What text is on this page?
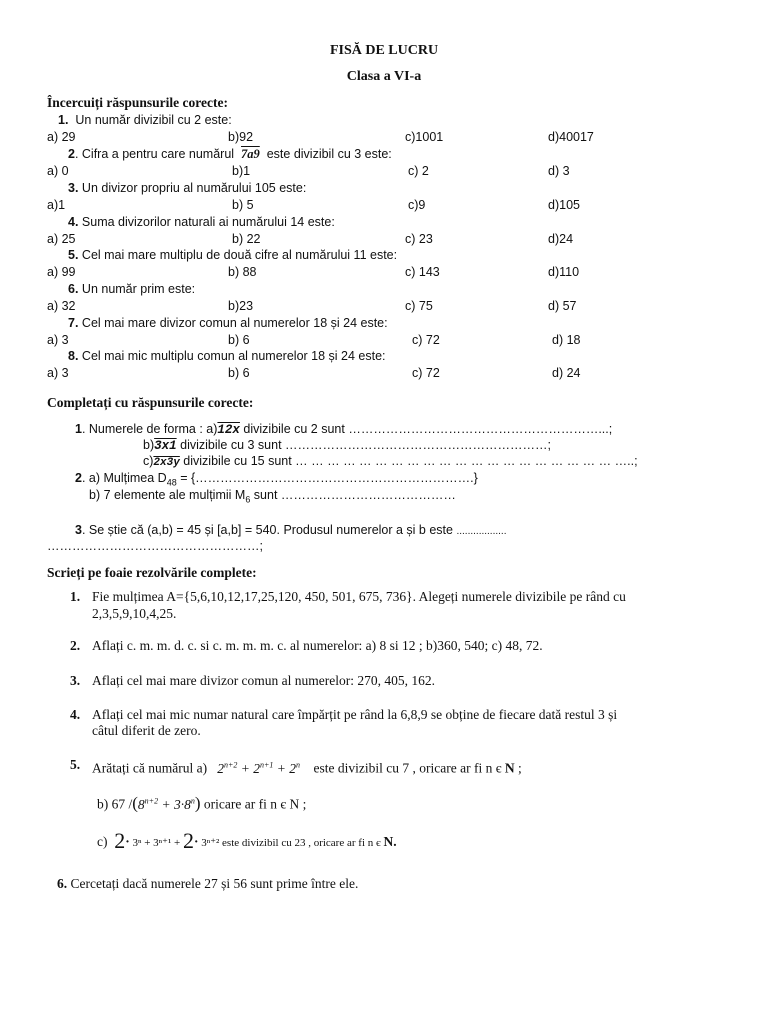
FISĂ DE LUCRU
Clasa a VI-a
Încercuiți răspunsurile corecte:
1. Un număr divizibil cu 2 este:
a) 29	b)92	c)1001	d)40017
2. Cifra a pentru care numărul 7a9 este divizibil cu 3 este:
a) 0	b)1	c) 2	d) 3
3. Un divizor propriu al numărului 105 este:
a)1	b) 5	c)9	d)105
4. Suma divizorilor naturali ai numărului 14 este:
a) 25	b) 22	c) 23	d)24
5. Cel mai mare multiplu de două cifre al numărului 11 este:
a) 99	b) 88	c) 143	d)110
6. Un număr prim este:
a) 32	b)23	c) 75	d) 57
7. Cel mai mare divizor comun al numerelor 18 și 24 este:
a) 3	b) 6	c) 72	d) 18
8. Cel mai mic multiplu comun al numerelor 18 și 24 este:
a) 3	b) 6	c) 72	d) 24
Completați cu răspunsurile corecte:
1. Numerele de forma : a)12x divizibile cu 2 sunt ……………………………………………………...;
b)3x1 divizibile cu 3 sunt ………………………………………………………;
c)2x3y divizibile cu 15 sunt … … … … … … … … … … … … … … … … … … … … …..;
2. a) Mulțimea $D_{48}$ = {………………………………………………………….}
b) 7 elemente ale mulțimii $M_6$ sunt ……………………………………
3. Se știe că (a,b) = 45 și [a,b] = 540. Produsul numerelor a și b este ..................
……………………………………………;
Scrieți pe foaie rezolvările complete:
1. Fie mulțimea A={5,6,10,12,17,25,120, 450, 501, 675, 736}. Alegeți numerele divizibile pe rând cu
2,3,5,9,10,4,25.
2. Aflați c. m. m. d. c. si c. m. m. m. c. al numerelor: a) 8 si 12 ; b)360, 540; c) 48, 72.
3. Aflați cel mai mare divizor comun al numerelor: 270, 405, 162.
4. Aflați cel mai mic numar natural care împărțit pe rând la 6,8,9 se obține de fiecare dată restul 3 și
câtul diferit de zero.
5. Arătați că numărul a) $2^{n+2} + 2^{n+1} + 2^n$ este divizibil cu 7 , oricare ar fi n є N ;
b) 67 $/(8^{n+2} + 3\cdot 8^n)$ oricare ar fi n є N ;
c) 2· 3ⁿ + 3ⁿ⁺¹ + 2· 3ⁿ⁺² este divizibil cu 23 , oricare ar fi n є N.
6. Cercetați dacă numerele 27 și 56 sunt prime între ele.
